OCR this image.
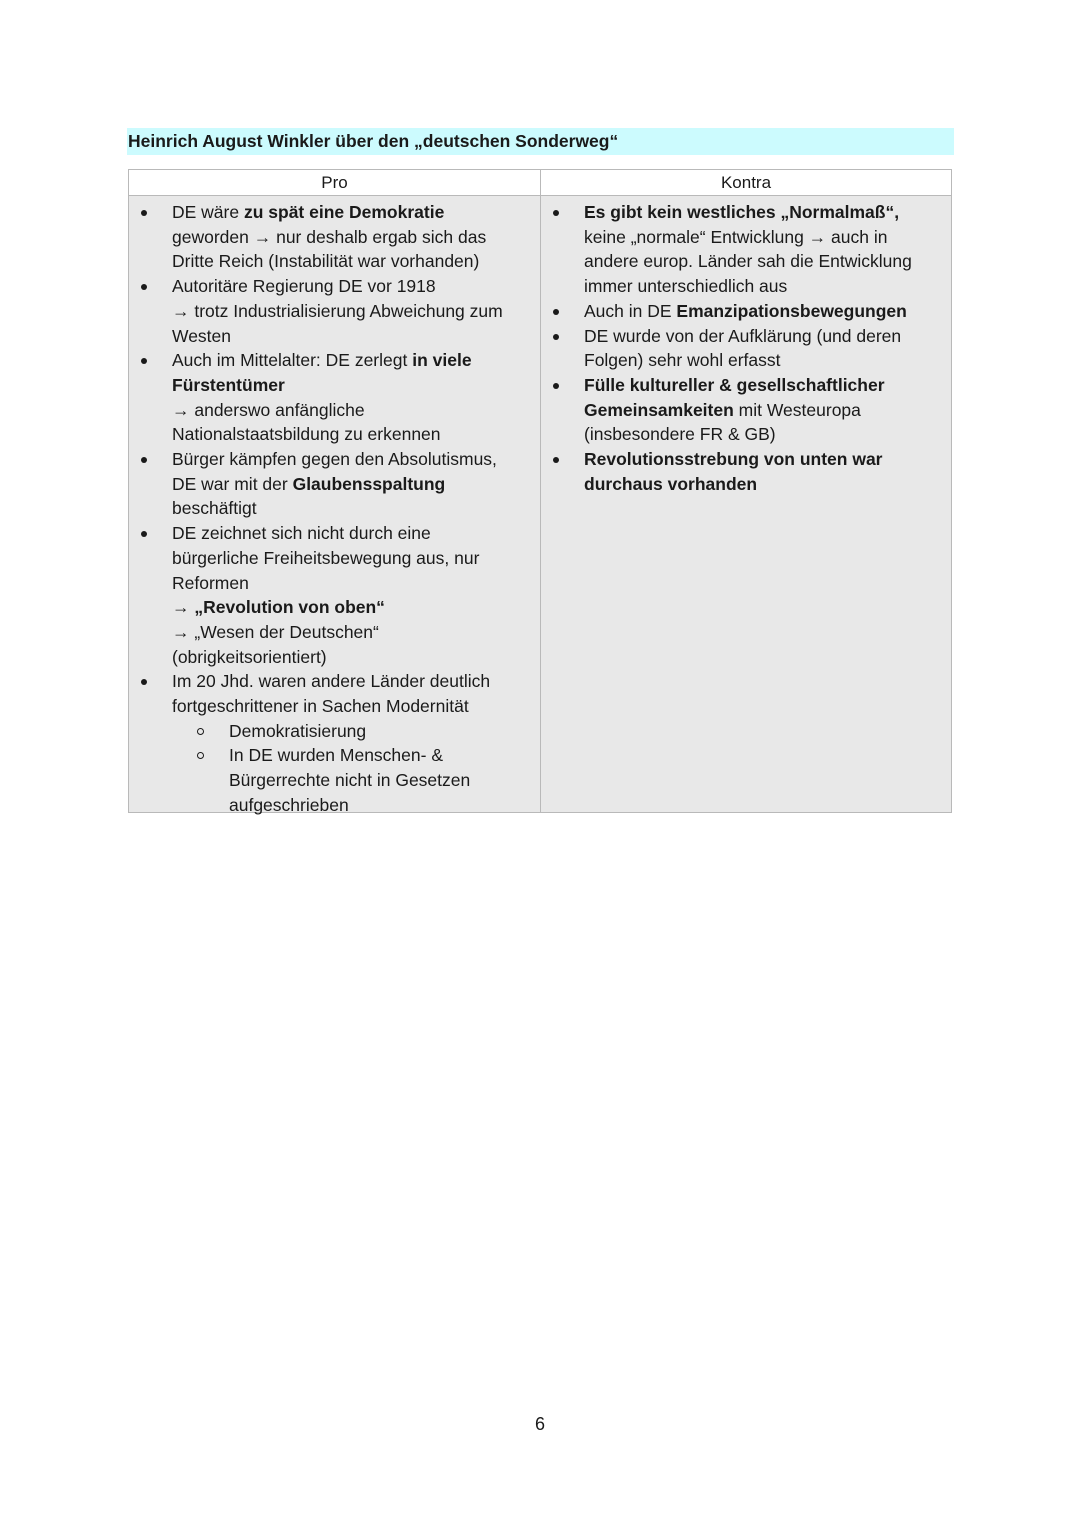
Heinrich August Winkler über den „deutschen Sonderweg“
Pro	Kontra
DE wäre zu spät eine Demokratie
geworden → nur deshalb ergab sich das
Dritte Reich (Instabilität war vorhanden)
Autoritäre Regierung DE vor 1918
→ trotz Industrialisierung Abweichung zum
Westen
Auch im Mittelalter: DE zerlegt in viele
Fürstentümer
→ anderswo anfängliche
Nationalstaatsbildung zu erkennen
Bürger kämpfen gegen den Absolutismus,
DE war mit der Glaubensspaltung
beschäftigt
DE zeichnet sich nicht durch eine
bürgerliche Freiheitsbewegung aus, nur
Reformen
→ „Revolution von oben“
→ „Wesen der Deutschen“
(obrigkeitsorientiert)
Im 20 Jhd. waren andere Länder deutlich
fortgeschrittener in Sachen Modernität
Demokratisierung
In DE wurden Menschen- &
Bürgerrechte nicht in Gesetzen
aufgeschrieben
Es gibt kein westliches „Normalmaß“,
keine „normale“ Entwicklung → auch in
andere europ. Länder sah die Entwicklung
immer unterschiedlich aus
Auch in DE Emanzipationsbewegungen
DE wurde von der Aufklärung (und deren
Folgen) sehr wohl erfasst
Fülle kultureller & gesellschaftlicher
Gemeinsamkeiten mit Westeuropa
(insbesondere FR & GB)
Revolutionsstrebung von unten war
durchaus vorhanden
6
